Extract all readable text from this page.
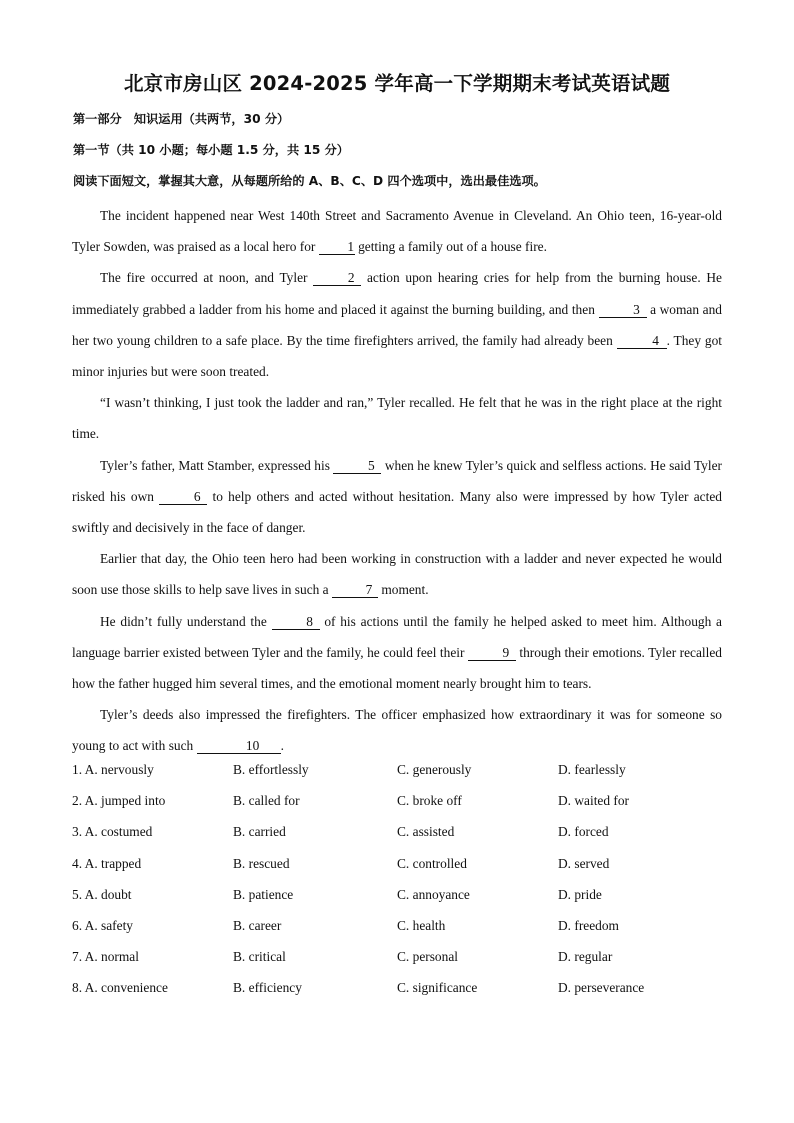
北京市房山区 2024-2025 学年高一下学期期末考试英语试题

第一部分　知识运用（共两节，30 分）

第一节（共 10 小题；每小题 1.5 分，共 15 分）

阅读下面短文，掌握其大意，从每题所给的 A、B、C、D 四个选项中，选出最佳选项。

The incident happened near West 140th Street and Sacramento Avenue in Cleveland. An Ohio teen, 16-year-old Tyler Sowden, was praised as a local hero for 1 getting a family out of a house fire.

The fire occurred at noon, and Tyler	2 action upon hearing cries for help from the burning house. He immediately grabbed a ladder from his home and placed it against the burning building, and then	3 a woman and her two young children to a safe place. By the time firefighters arrived, the family had already been	4 . They got minor injuries but were soon treated.

“I wasn’t thinking, I just took the ladder and ran,” Tyler recalled. He felt that he was in the right place at the right time.

Tyler’s father, Matt Stamber, expressed his	5 when he knew Tyler’s quick and selfless actions. He said Tyler risked his own	6 to help others and acted without hesitation. Many also were impressed by how Tyler acted swiftly and decisively in the face of danger.

Earlier that day, the Ohio teen hero had been working in construction with a ladder and never expected he would soon use those skills to help save lives in such a	7 moment.

He didn’t fully understand the	8 of his actions until the family he helped asked to meet him. Although a language barrier existed between Tyler and the family, he could feel their	9 through their emotions. Tyler recalled how the father hugged him several times, and the emotional moment nearly brought him to tears.

Tyler’s deeds also impressed the firefighters. The officer emphasized how extraordinary it was for someone so young to act with such	10 .

1. A. nervously	B. effortlessly	C. generously	D. fearlessly
2. A. jumped into	B. called for	C. broke off	D. waited for
3. A. costumed	B. carried	C. assisted	D. forced
4. A. trapped	B. rescued	C. controlled	D. served
5. A. doubt	B. patience	C. annoyance	D. pride
6. A. safety	B. career	C. health	D. freedom
7. A. normal	B. critical	C. personal	D. regular
8. A. convenience	B. efficiency	C. significance	D. perseverance
